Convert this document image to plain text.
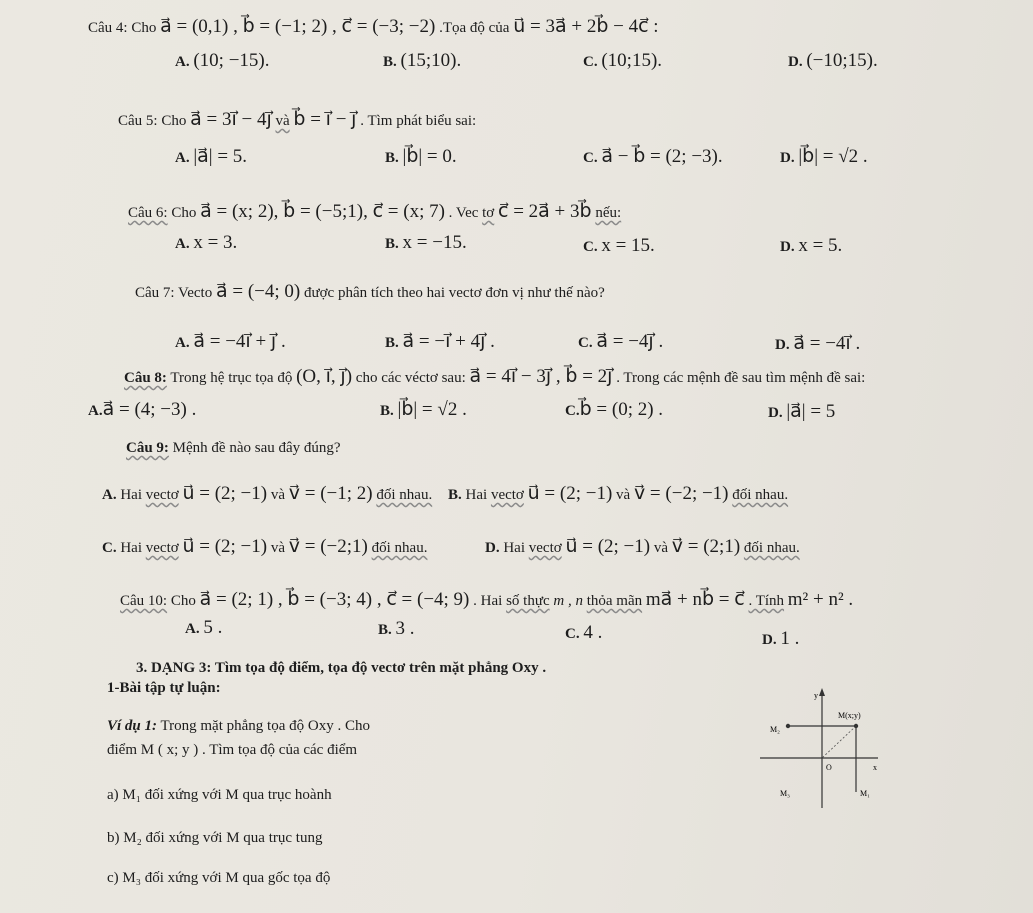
Câu 4: Cho a⃗ = (0,1) , b⃗ = (−1; 2) , c⃗ = (−3; −2) .Tọa độ của u⃗ = 3a⃗ + 2b⃗ − 4c⃗ :
A. (10; −15).	B. (15;10).	C. (10;15).	D. (−10;15).
Câu 5: Cho a⃗ = 3i⃗ − 4j⃗ và b⃗ = i⃗ − j⃗ . Tìm phát biểu sai:
A. |a⃗| = 5.	B. |b⃗| = 0.	C. a⃗ − b⃗ = (2; −3).	D. |b⃗| = √2 .
Câu 6: Cho a⃗ = (x; 2), b⃗ = (−5;1), c⃗ = (x; 7) . Vec tơ c⃗ = 2a⃗ + 3b⃗ nếu:
A. x = 3.	B. x = −15.	C. x = 15.	D. x = 5.
Câu 7: Vecto a⃗ = (−4; 0) được phân tích theo hai vectơ đơn vị như thế nào?
A. a⃗ = −4i⃗ + j⃗ .	B. a⃗ = −i⃗ + 4j⃗ .	C. a⃗ = −4j⃗ .	D. a⃗ = −4i⃗ .
Câu 8: Trong hệ trục tọa độ (O, i⃗, j⃗) cho các véctơ sau: a⃗ = 4i⃗ − 3j⃗ , b⃗ = 2j⃗ . Trong các mệnh đề sau tìm mệnh đề sai:
A.a⃗ = (4; −3) .	B. |b⃗| = √2 .	C.b⃗ = (0; 2) .	D. |a⃗| = 5
Câu 9: Mệnh đề nào sau đây đúng?
A. Hai vectơ u⃗ = (2; −1) và v⃗ = (−1; 2) đối nhau. B. Hai vectơ u⃗ = (2; −1) và v⃗ = (−2; −1) đối nhau.
C. Hai vectơ u⃗ = (2; −1) và v⃗ = (−2;1) đối nhau.	D. Hai vectơ u⃗ = (2; −1) và v⃗ = (2;1) đối nhau.
Câu 10: Cho a⃗ = (2; 1) , b⃗ = (−3; 4) , c⃗ = (−4; 9) . Hai số thực m , n thỏa mãn ma⃗ + nb⃗ = c⃗ . Tính m² + n² .
A. 5 .	B. 3 .	C. 4 .	D. 1 .
3. DẠNG 3: Tìm tọa độ điểm, tọa độ vectơ trên mặt phẳng Oxy .
1-Bài tập tự luận:
Ví dụ 1: Trong mặt phẳng tọa độ Oxy . Cho
điểm M ( x; y ) . Tìm tọa độ của các điểm
a) M₁ đối xứng với M qua trục hoành
b) M₂ đối xứng với M qua trục tung
c) M₃ đối xứng với M qua gốc tọa độ
y
x
O
M(x;y)
M₂
M₁
M₃
